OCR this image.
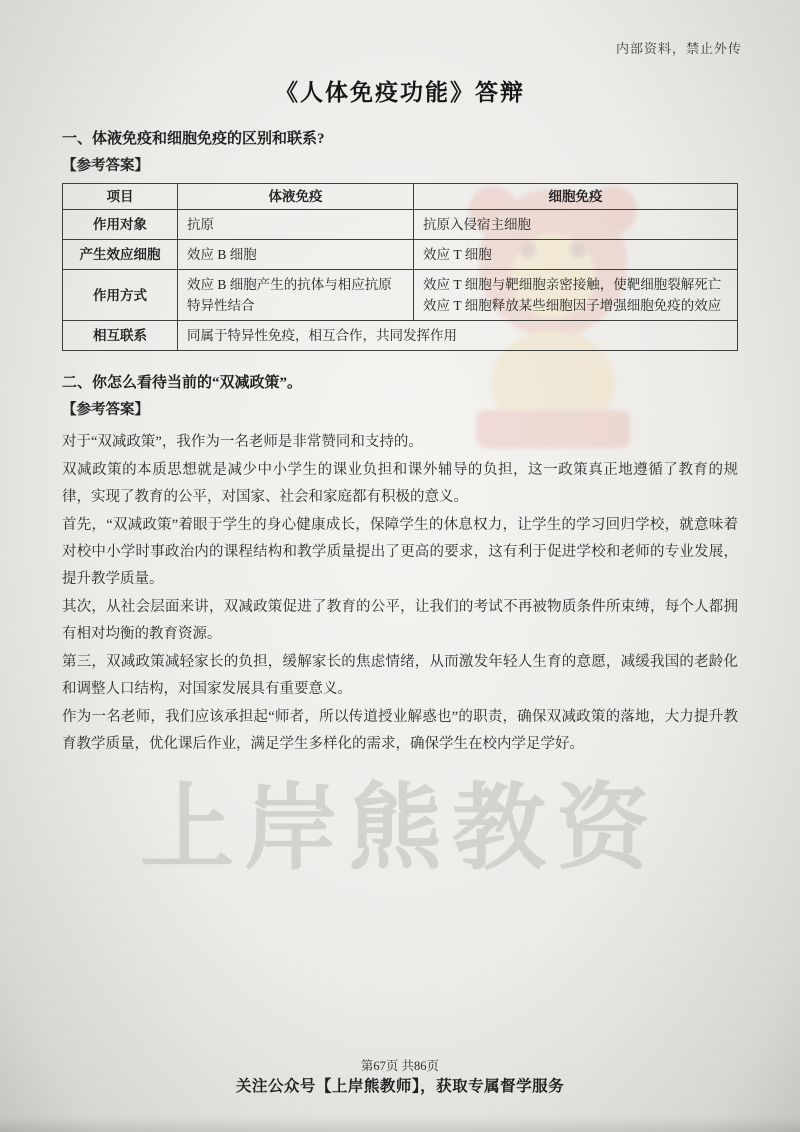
上岸熊教资
内部资料，禁止外传
《人体免疫功能》答辩
一、体液免疫和细胞免疫的区别和联系?
【参考答案】
项目	体液免疫	细胞免疫
作用对象	抗原	抗原入侵宿主细胞
产生效应细胞	效应 B 细胞	效应 T 细胞
作用方式	效应 B 细胞产生的抗体与相应抗原特异性结合	效应 T 细胞与靶细胞亲密接触，使靶细胞裂解死亡
效应 T 细胞释放某些细胞因子增强细胞免疫的效应

相互联系	同属于特异性免疫，相互合作，共同发挥作用	
二、你怎么看待当前的“双减政策”。
【参考答案】

对于“双减政策”，我作为一名老师是非常赞同和支持的。

双减政策的本质思想就是减少中小学生的课业负担和课外辅导的负担，这一政策真正地遵循了教育的规律，实现了教育的公平，对国家、社会和家庭都有积极的意义。

首先，“双减政策”着眼于学生的身心健康成长，保障学生的休息权力，让学生的学习回归学校，就意味着对校中小学时事政治内的课程结构和教学质量提出了更高的要求，这有利于促进学校和老师的专业发展，提升教学质量。

其次，从社会层面来讲，双减政策促进了教育的公平，让我们的考试不再被物质条件所束缚，每个人都拥有相对均衡的教育资源。

第三，双减政策减轻家长的负担，缓解家长的焦虑情绪，从而激发年轻人生育的意愿，减缓我国的老龄化和调整人口结构，对国家发展具有重要意义。

作为一名老师，我们应该承担起“师者，所以传道授业解惑也”的职责，确保双减政策的落地，大力提升教育教学质量，优化课后作业，满足学生多样化的需求，确保学生在校内学足学好。

第67页 共86页
关注公众号【上岸熊教师】，获取专属督学服务
